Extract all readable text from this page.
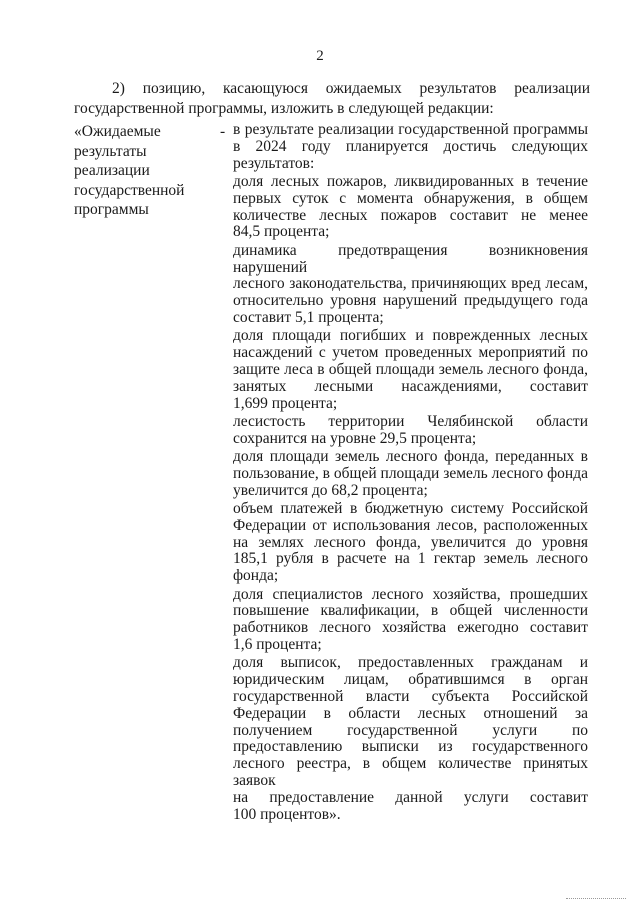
2
2) позицию, касающуюся ожидаемых результатов реализации
государственной программы, изложить в следующей редакции:
«Ожидаемые
результаты
реализации
государственной
программы
- в результате реализации государственной программы
в 2024 году планируется достичь следующих
результатов:
доля лесных пожаров, ликвидированных в течение
первых суток с момента обнаружения, в общем
количестве лесных пожаров составит не менее
84,5 процента;
динамика предотвращения возникновения нарушений
лесного законодательства, причиняющих вред лесам,
относительно уровня нарушений предыдущего года
составит 5,1 процента;
доля площади погибших и поврежденных лесных
насаждений с учетом проведенных мероприятий по
защите леса в общей площади земель лесного фонда,
занятых лесными насаждениями, составит
1,699 процента;
лесистость территории Челябинской области
сохранится на уровне 29,5 процента;
доля площади земель лесного фонда, переданных в
пользование, в общей площади земель лесного фонда
увеличится до 68,2 процента;
объем платежей в бюджетную систему Российской
Федерации от использования лесов, расположенных
на землях лесного фонда, увеличится до уровня
185,1 рубля в расчете на 1 гектар земель лесного
фонда;
доля специалистов лесного хозяйства, прошедших
повышение квалификации, в общей численности
работников лесного хозяйства ежегодно составит
1,6 процента;
доля выписок, предоставленных гражданам и
юридическим лицам, обратившимся в орган
государственной власти субъекта Российской
Федерации в области лесных отношений за
получением государственной услуги по
предоставлению выписки из государственного
лесного реестра, в общем количестве принятых заявок
на предоставление данной услуги составит
100 процентов».
